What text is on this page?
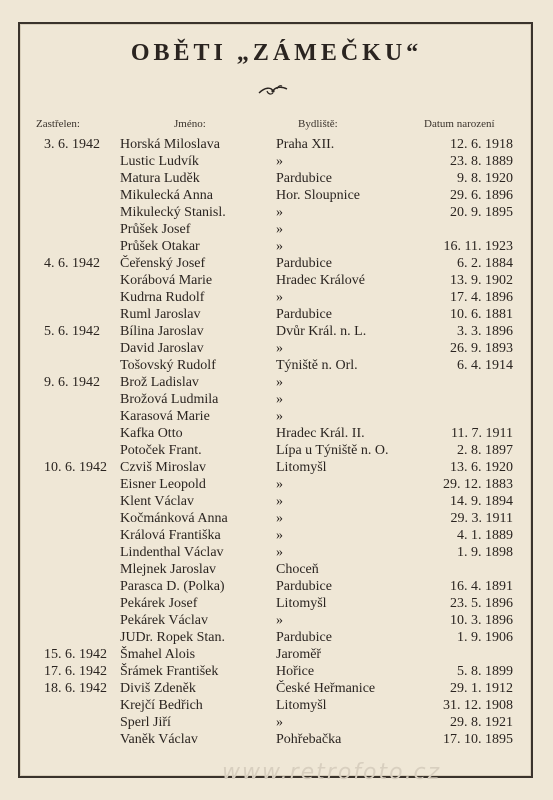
OBĚTI „ZÁMEČKU“
Zastřelen:	Jméno:	Bydliště:	Datum narození
3. 6. 1942 Horská Miloslava	Praha XII.	12. 6. 1918
Lustic Ludvík	»	23. 8. 1889
Matura Luděk	Pardubice	9. 8. 1920
Mikulecká Anna	Hor. Sloupnice	29. 6. 1896
Mikulecký Stanisl.	»	20. 9. 1895
Průšek Josef	»
Průšek Otakar	»	16. 11. 1923
4. 6. 1942 Čeřenský Josef	Pardubice	6. 2. 1884
Korábová Marie	Hradec Králové	13. 9. 1902
Kudrna Rudolf	»	17. 4. 1896
Ruml Jaroslav	Pardubice	10. 6. 1881
5. 6. 1942 Bílina Jaroslav	Dvůr Král. n. L.	3. 3. 1896
David Jaroslav	»	26. 9. 1893
Tošovský Rudolf	Týniště n. Orl.	6. 4. 1914
9. 6. 1942 Brož Ladislav	»
Brožová Ludmila	»
Karasová Marie	»
Kafka Otto	Hradec Král. II.	11. 7. 1911
Potoček Frant.	Lípa u Týniště n. O.	2. 8. 1897
10. 6. 1942 Czviš Miroslav	Litomyšl	13. 6. 1920
Eisner Leopold	»	29. 12. 1883
Klent Václav	»	14. 9. 1894
Kočmánková Anna	»	29. 3. 1911
Králová Františka	»	4. 1. 1889
Lindenthal Václav	»	1. 9. 1898
Mlejnek Jaroslav	Choceň
Parasca D. (Polka)	Pardubice	16. 4. 1891
Pekárek Josef	Litomyšl	23. 5. 1896
Pekárek Václav	»	10. 3. 1896
JUDr. Ropek Stan.	Pardubice	1. 9. 1906
15. 6. 1942 Šmahel Alois	Jaroměř
17. 6. 1942 Šrámek František	Hořice	5. 8. 1899
18. 6. 1942 Diviš Zdeněk	České Heřmanice	29. 1. 1912
Krejčí Bedřich	Litomyšl	31. 12. 1908
Sperl Jiří	»	29. 8. 1921
Vaněk Václav	Pohřebačka	17. 10. 1895
www.retrofoto.cz
